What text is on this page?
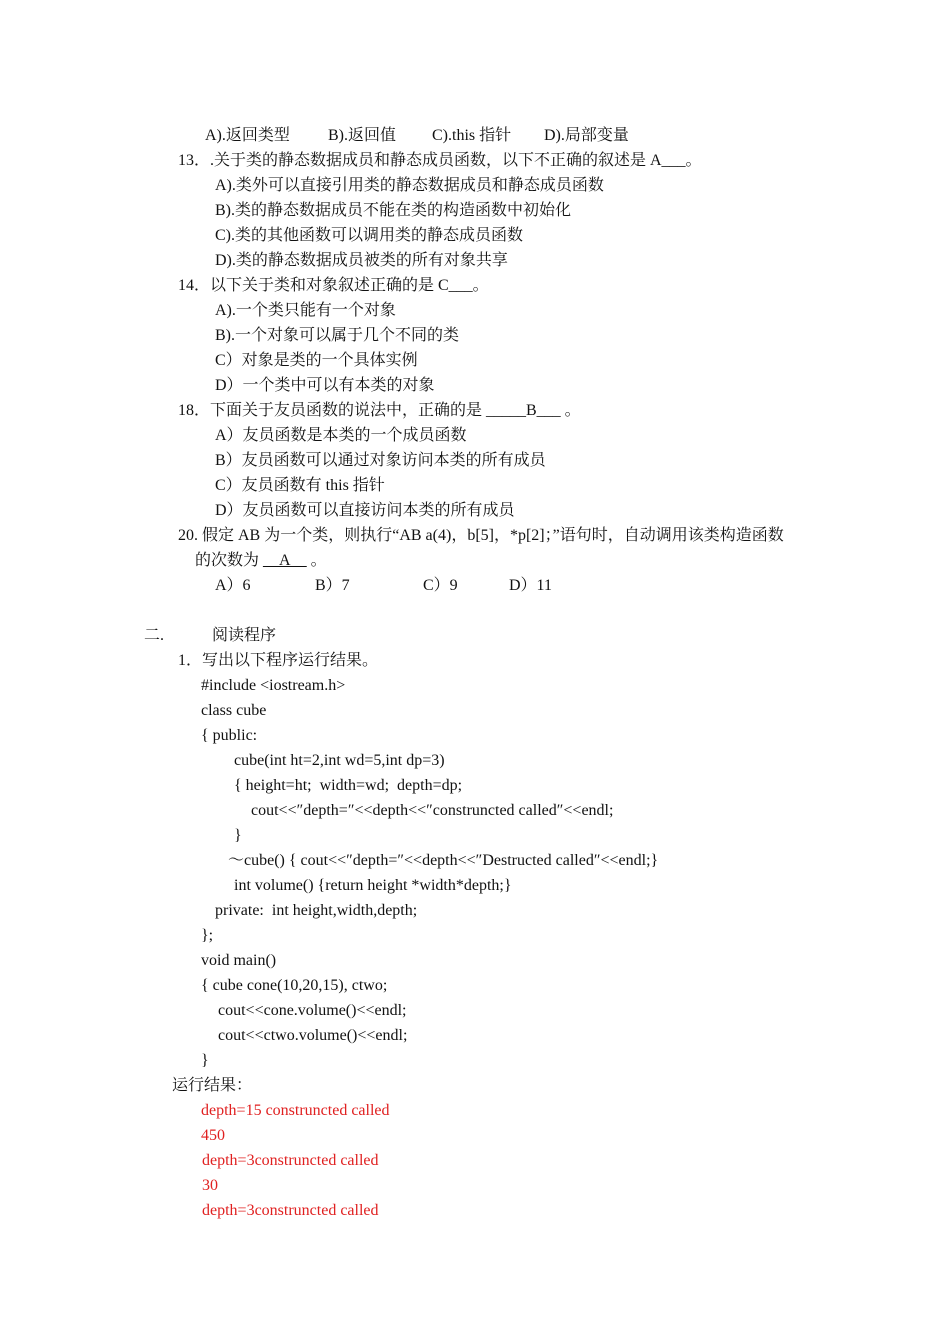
A).返回类型 B).返回值 C).this 指针 D).局部变量
13．.关于类的静态数据成员和静态成员函数，以下不正确的叙述是 A___。
A).类外可以直接引用类的静态数据成员和静态成员函数
B).类的静态数据成员不能在类的构造函数中初始化
C).类的其他函数可以调用类的静态成员函数
D).类的静态数据成员被类的所有对象共享
14．以下关于类和对象叙述正确的是 C___。
A).一个类只能有一个对象
B).一个对象可以属于几个不同的类
C）对象是类的一个具体实例
D）一个类中可以有本类的对象
18．下面关于友员函数的说法中，正确的是 _____B___ 。
A）友员函数是本类的一个成员函数
B）友员函数可以通过对象访问本类的所有成员
C）友员函数有 this 指针
D）友员函数可以直接访问本类的所有成员
20. 假定 AB 为一个类，则执行“AB a(4)，b[5]，*p[2]；”语句时，自动调用该类构造函数
的次数为 __A__ 。
A）6	B）7	C）9	D）11
二.	阅读程序
1．写出以下程序运行结果。
#include <iostream.h>
class cube
{ public:
cube(int ht=2,int wd=5,int dp=3)
{ height=ht;  width=wd;  depth=dp;
cout<<″depth=″<<depth<<″construncted called″<<endl;
}
～cube() { cout<<″depth=″<<depth<<″Destructed called″<<endl;}
int volume() {return height *width*depth;}
private:  int height,width,depth;
};
void main()
{ cube cone(10,20,15), ctwo;
cout<<cone.volume()<<endl;
cout<<ctwo.volume()<<endl;
}
运行结果：
depth=15 construncted called
450
depth=3construncted called
30
depth=3construncted called
